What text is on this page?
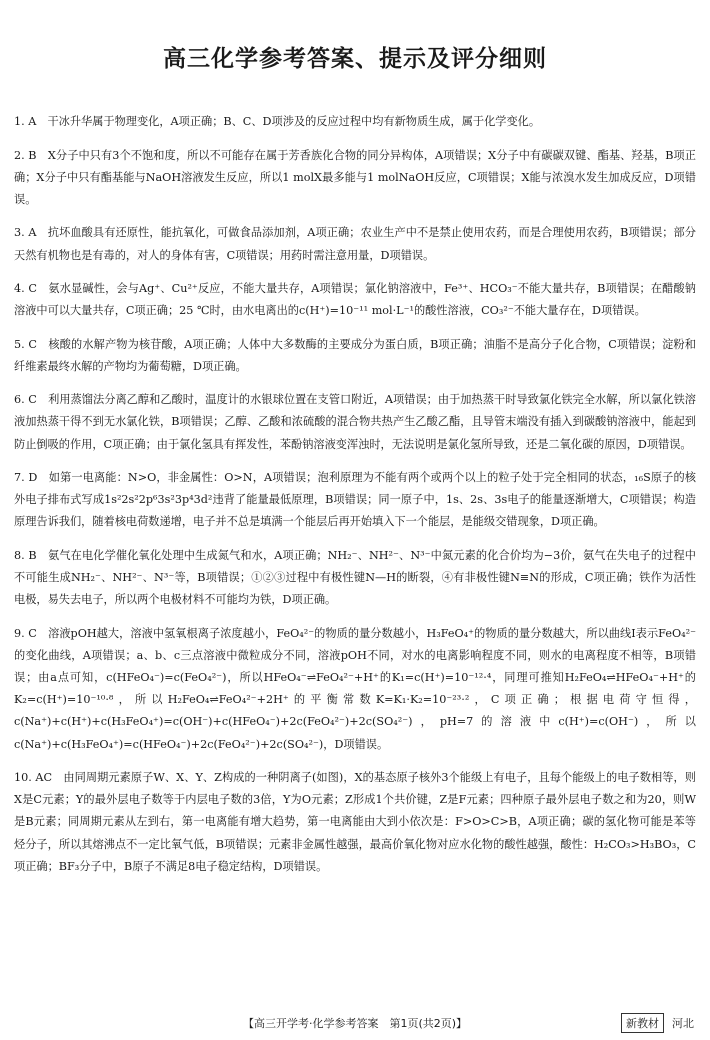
高三化学参考答案、提示及评分细则

1. A　干冰升华属于物理变化，A项正确；B、C、D项涉及的反应过程中均有新物质生成，属于化学变化。

2. B　X分子中只有3个不饱和度，所以不可能存在属于芳香族化合物的同分异构体，A项错误；X分子中有碳碳双键、酯基、羟基，B项正确；X分子中只有酯基能与NaOH溶液发生反应，所以1 molX最多能与1 molNaOH反应，C项错误；X能与浓溴水发生加成反应，D项错误。

3. A　抗坏血酸具有还原性，能抗氧化，可做食品添加剂，A项正确；农业生产中不是禁止使用农药，而是合理使用农药，B项错误；部分天然有机物也是有毒的，对人的身体有害，C项错误；用药时需注意用量，D项错误。

4. C　氨水显碱性，会与Ag⁺、Cu²⁺反应，不能大量共存，A项错误；氯化钠溶液中，Fe³⁺、HCO₃⁻不能大量共存，B项错误；在醋酸钠溶液中可以大量共存，C项正确；25 ℃时，由水电离出的c(H⁺)=10⁻¹¹ mol·L⁻¹的酸性溶液，CO₃²⁻不能大量存在，D项错误。

5. C　核酸的水解产物为核苷酸，A项正确；人体中大多数酶的主要成分为蛋白质，B项正确；油脂不是高分子化合物，C项错误；淀粉和纤维素最终水解的产物均为葡萄糖，D项正确。

6. C　利用蒸馏法分离乙醇和乙酸时，温度计的水银球位置在支管口附近，A项错误；由于加热蒸干时导致氯化铁完全水解，所以氯化铁溶液加热蒸干得不到无水氯化铁，B项错误；乙醇、乙酸和浓硫酸的混合物共热产生乙酸乙酯，且导管末端没有插入到碳酸钠溶液中，能起到防止倒吸的作用，C项正确；由于氯化氢具有挥发性，苯酚钠溶液变浑浊时，无法说明是氯化氢所导致，还是二氧化碳的原因，D项错误。

7. D　如第一电离能：N>O，非金属性：O>N，A项错误；泡利原理为不能有两个或两个以上的粒子处于完全相同的状态，₁₆S原子的核外电子排布式写成1s²2s²2p⁶3s²3p⁴3d²违背了能量最低原理，B项错误；同一原子中，1s、2s、3s电子的能量逐渐增大，C项错误；构造原理告诉我们，随着核电荷数递增，电子并不总是填满一个能层后再开始填入下一个能层，是能级交错现象，D项正确。

8. B　氨气在电化学催化氧化处理中生成氮气和水，A项正确；NH₂⁻、NH²⁻、N³⁻中氮元素的化合价均为−3价，氨气在失电子的过程中不可能生成NH₂⁻、NH²⁻、N³⁻等，B项错误；①②③过程中有极性键N—H的断裂，④有非极性键N≡N的形成，C项正确；铁作为活性电极，易失去电子，所以两个电极材料不可能均为铁，D项正确。

9. C　溶液pOH越大，溶液中氢氧根离子浓度越小，FeO₄²⁻的物质的量分数越小，H₃FeO₄⁺的物质的量分数越大，所以曲线Ⅰ表示FeO₄²⁻的变化曲线，A项错误；a、b、c三点溶液中微粒成分不同，溶液pOH不同，对水的电离影响程度不同，则水的电离程度不相等，B项错误；由a点可知，c(HFeO₄⁻)=c(FeO₄²⁻)，所以HFeO₄⁻⇌FeO₄²⁻+H⁺的K₁=c(H⁺)=10⁻¹²·⁴，同理可推知H₂FeO₄⇌HFeO₄⁻+H⁺的K₂=c(H⁺)=10⁻¹⁰·⁸，所以H₂FeO₄⇌FeO₄²⁻+2H⁺的平衡常数K=K₁·K₂=10⁻²³·²，C项正确；根据电荷守恒得，c(Na⁺)+c(H⁺)+c(H₃FeO₄⁺)=c(OH⁻)+c(HFeO₄⁻)+2c(FeO₄²⁻)+2c(SO₄²⁻)，pH=7的溶液中c(H⁺)=c(OH⁻)，所以c(Na⁺)+c(H₃FeO₄⁺)=c(HFeO₄⁻)+2c(FeO₄²⁻)+2c(SO₄²⁻)，D项错误。

10. AC　由同周期元素原子W、X、Y、Z构成的一种阴离子(如图)，X的基态原子核外3个能级上有电子，且每个能级上的电子数相等，则X是C元素；Y的最外层电子数等于内层电子数的3倍，Y为O元素；Z形成1个共价键，Z是F元素；四种原子最外层电子数之和为20，则W是B元素；同周期元素从左到右，第一电离能有增大趋势，第一电离能由大到小依次是：F>O>C>B，A项正确；碳的氢化物可能是苯等烃分子，所以其熔沸点不一定比氧气低，B项错误；元素非金属性越强，最高价氧化物对应水化物的酸性越强，酸性：H₂CO₃>H₃BO₃，C项正确；BF₃分子中，B原子不满足8电子稳定结构，D项错误。

【高三开学考·化学参考答案　第1页(共2页)】	新教材	河北
